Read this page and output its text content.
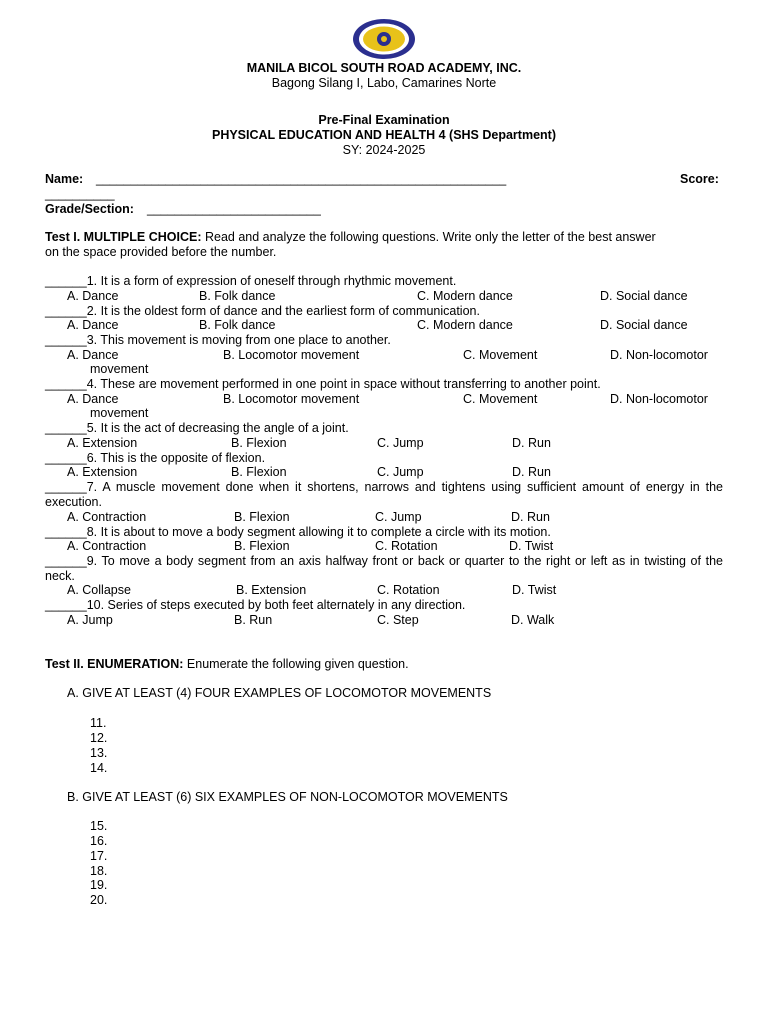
MANILA BICOL SOUTH ROAD ACADEMY, INC.
Bagong Silang I, Labo, Camarines Norte
Pre-Final Examination
PHYSICAL EDUCATION AND HEALTH 4 (SHS Department)
SY: 2024-2025
Name: ___________________________________________________________	Score:
__________
Grade/Section: _________________________
Test I. MULTIPLE CHOICE: Read and analyze the following questions. Write only the letter of the best answer
on the space provided before the number.
______1. It is a form of expression of oneself through rhythmic movement.
A. Dance	B. Folk dance	C. Modern dance	D. Social dance
______2. It is the oldest form of dance and the earliest form of communication.
A. Dance	B. Folk dance	C. Modern dance	D. Social dance
______3. This movement is moving from one place to another.
A. Dance	B. Locomotor movement	C. Movement	D. Non-locomotor
movement
______4. These are movement performed in one point in space without transferring to another point.
A. Dance	B. Locomotor movement	C. Movement	D. Non-locomotor
movement
______5. It is the act of decreasing the angle of a joint.
A. Extension	B. Flexion	C. Jump	D. Run
______6. This is the opposite of flexion.
A. Extension	B. Flexion	C. Jump	D. Run
______7. A muscle movement done when it shortens, narrows and tightens using sufficient amount of energy in the execution.
A. Contraction	B. Flexion	C. Jump	D. Run
______8. It is about to move a body segment allowing it to complete a circle with its motion.
A. Contraction	B. Flexion	C. Rotation	D. Twist
______9. To move a body segment from an axis halfway front or back or quarter to the right or left as in twisting of the neck.
A. Collapse	B. Extension	C. Rotation	D. Twist
______10. Series of steps executed by both feet alternately in any direction.
A. Jump	B. Run	C. Step	D. Walk
Test II. ENUMERATION: Enumerate the following given question.
A. GIVE AT LEAST (4) FOUR EXAMPLES OF LOCOMOTOR MOVEMENTS
11.
12.
13.
14.
B. GIVE AT LEAST (6) SIX EXAMPLES OF NON-LOCOMOTOR MOVEMENTS
15.
16.
17.
18.
19.
20.
